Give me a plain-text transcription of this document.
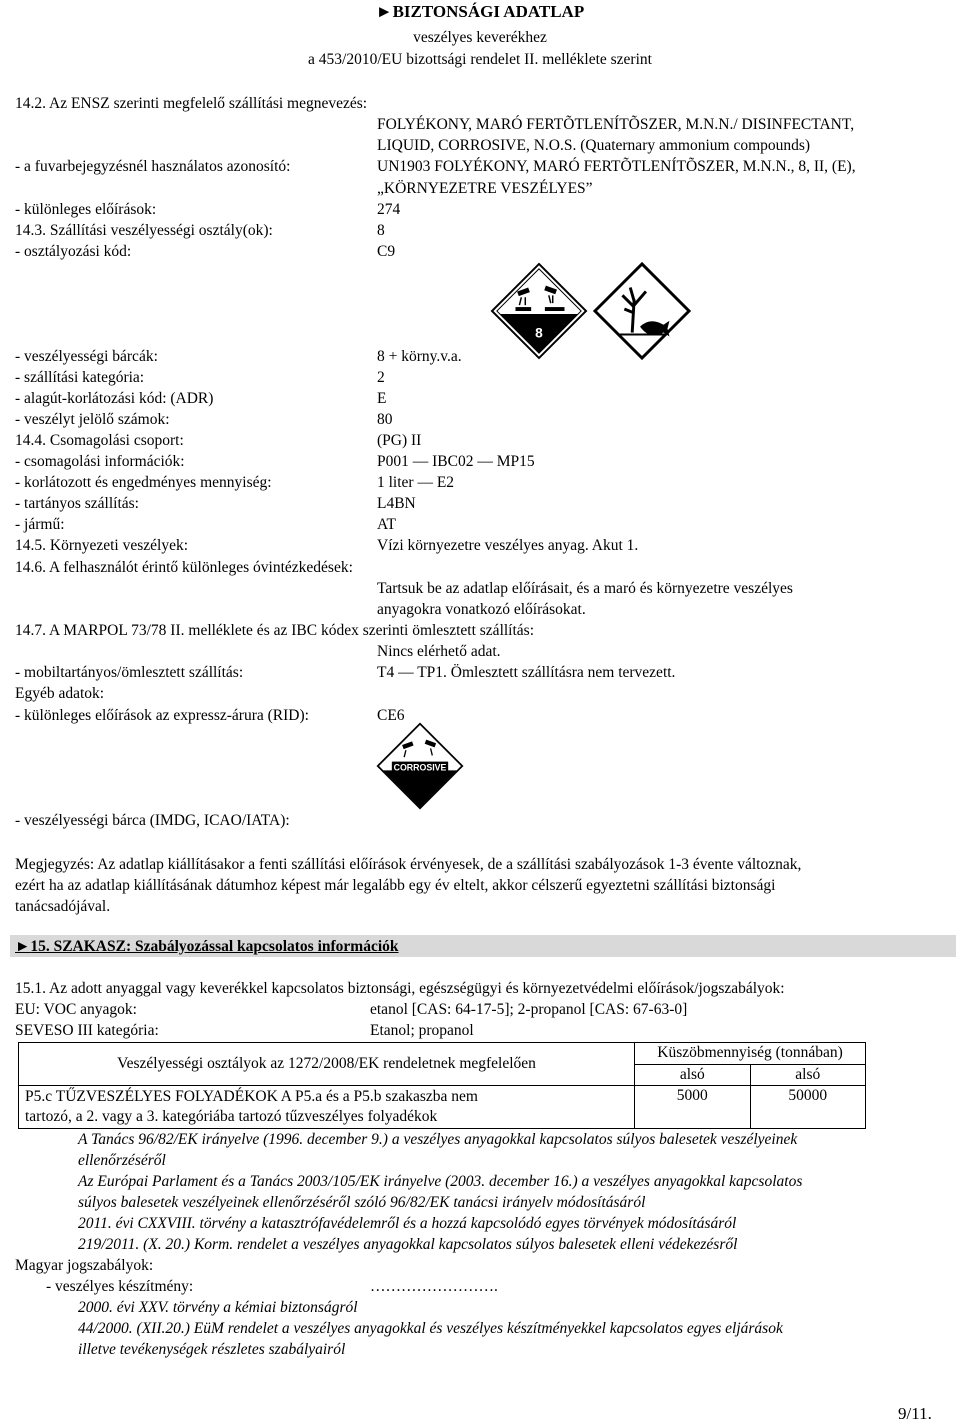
►BIZTONSÁGI ADATLAP
veszélyes keverékhez
a 453/2010/EU bizottsági rendelet II. melléklete szerint
14.2. Az ENSZ szerinti megfelelő szállítási megnevezés:
FOLYÉKONY, MARÓ FERTÕTLENÍTÕSZER, M.N.N./ DISINFECTANT,
LIQUID, CORROSIVE, N.O.S. (Quaternary ammonium compounds)
- a fuvarbejegyzésnél használatos azonosító:	UN1903 FOLYÉKONY, MARÓ FERTÕTLENÍTÕSZER, M.N.N., 8, II, (E),
„KÖRNYEZETRE VESZÉLYES”
- különleges előírások:	274
14.3. Szállítási veszélyességi osztály(ok):	8
- osztályozási kód:	C9
8
- veszélyességi bárcák:	8 + körny.v.a.
- szállítási kategória:	2
- alagút-korlátozási kód: (ADR)	E
- veszélyt jelölő számok:	80
14.4. Csomagolási csoport:	(PG) II
- csomagolási információk:	P001 — IBC02 — MP15
- korlátozott és engedményes mennyiség:	1 liter — E2
- tartányos szállítás:	L4BN
- jármű:	AT
14.5. Környezeti veszélyek:	Vízi környezetre veszélyes anyag. Akut 1.
14.6. A felhasználót érintő különleges óvintézkedések:
Tartsuk be az adatlap előírásait, és a maró és környezetre veszélyes
anyagokra vonatkozó előírásokat.
14.7. A MARPOL 73/78 II. melléklete és az IBC kódex szerinti ömlesztett szállítás:
Nincs elérhető adat.
- mobiltartányos/ömlesztett szállítás:	T4 — TP1. Ömlesztett szállításra nem tervezett.
Egyéb adatok:
- különleges előírások az expressz-árura (RID):	CE6
CORROSIVE
- veszélyességi bárca (IMDG, ICAO/IATA):
Megjegyzés: Az adatlap kiállításakor a fenti szállítási előírások érvényesek, de a szállítási szabályozások 1-3 évente változnak,
ezért ha az adatlap kiállításának dátumhoz képest már legalább egy év eltelt, akkor célszerű egyeztetni szállítási biztonsági
tanácsadójával.
►15. SZAKASZ: Szabályozással kapcsolatos információk
15.1. Az adott anyaggal vagy keverékkel kapcsolatos biztonsági, egészségügyi és környezetvédelmi előírások/jogszabályok:
EU: VOC anyagok:	etanol [CAS: 64-17-5]; 2-propanol [CAS: 67-63-0]
SEVESO III kategória:	Etanol; propanol
Veszélyességi osztályok az 1272/2008/EK rendeletnek megfelelően	Küszöbmennyiség (tonnában)	
	alsó	alsó

P5.c TŰZVESZÉLYES FOLYADÉKOK A P5.a és a P5.b szakaszba nem
tartozó, a 2. vagy a 3. kategóriába tartozó tűzveszélyes folyadékok	5000	50000
A Tanács 96/82/EK irányelve (1996. december 9.) a veszélyes anyagokkal kapcsolatos súlyos balesetek veszélyeinek
ellenőrzéséről
Az Európai Parlament és a Tanács 2003/105/EK irányelve (2003. december 16.) a veszélyes anyagokkal kapcsolatos
súlyos balesetek veszélyeinek ellenőrzéséről szóló 96/82/EK tanácsi irányelv módosításáról
2011. évi CXXVIII. törvény a katasztrófavédelemről és a hozzá kapcsolódó egyes törvények módosításáról
219/2011. (X. 20.) Korm. rendelet a veszélyes anyagokkal kapcsolatos súlyos balesetek elleni védekezésről
Magyar jogszabályok:
- veszélyes készítmény:	…………………….
2000. évi XXV. törvény a kémiai biztonságról
44/2000. (XII.20.) EüM rendelet a veszélyes anyagokkal és veszélyes készítményekkel kapcsolatos egyes eljárások
illetve tevékenységek részletes szabályairól
9/11.
